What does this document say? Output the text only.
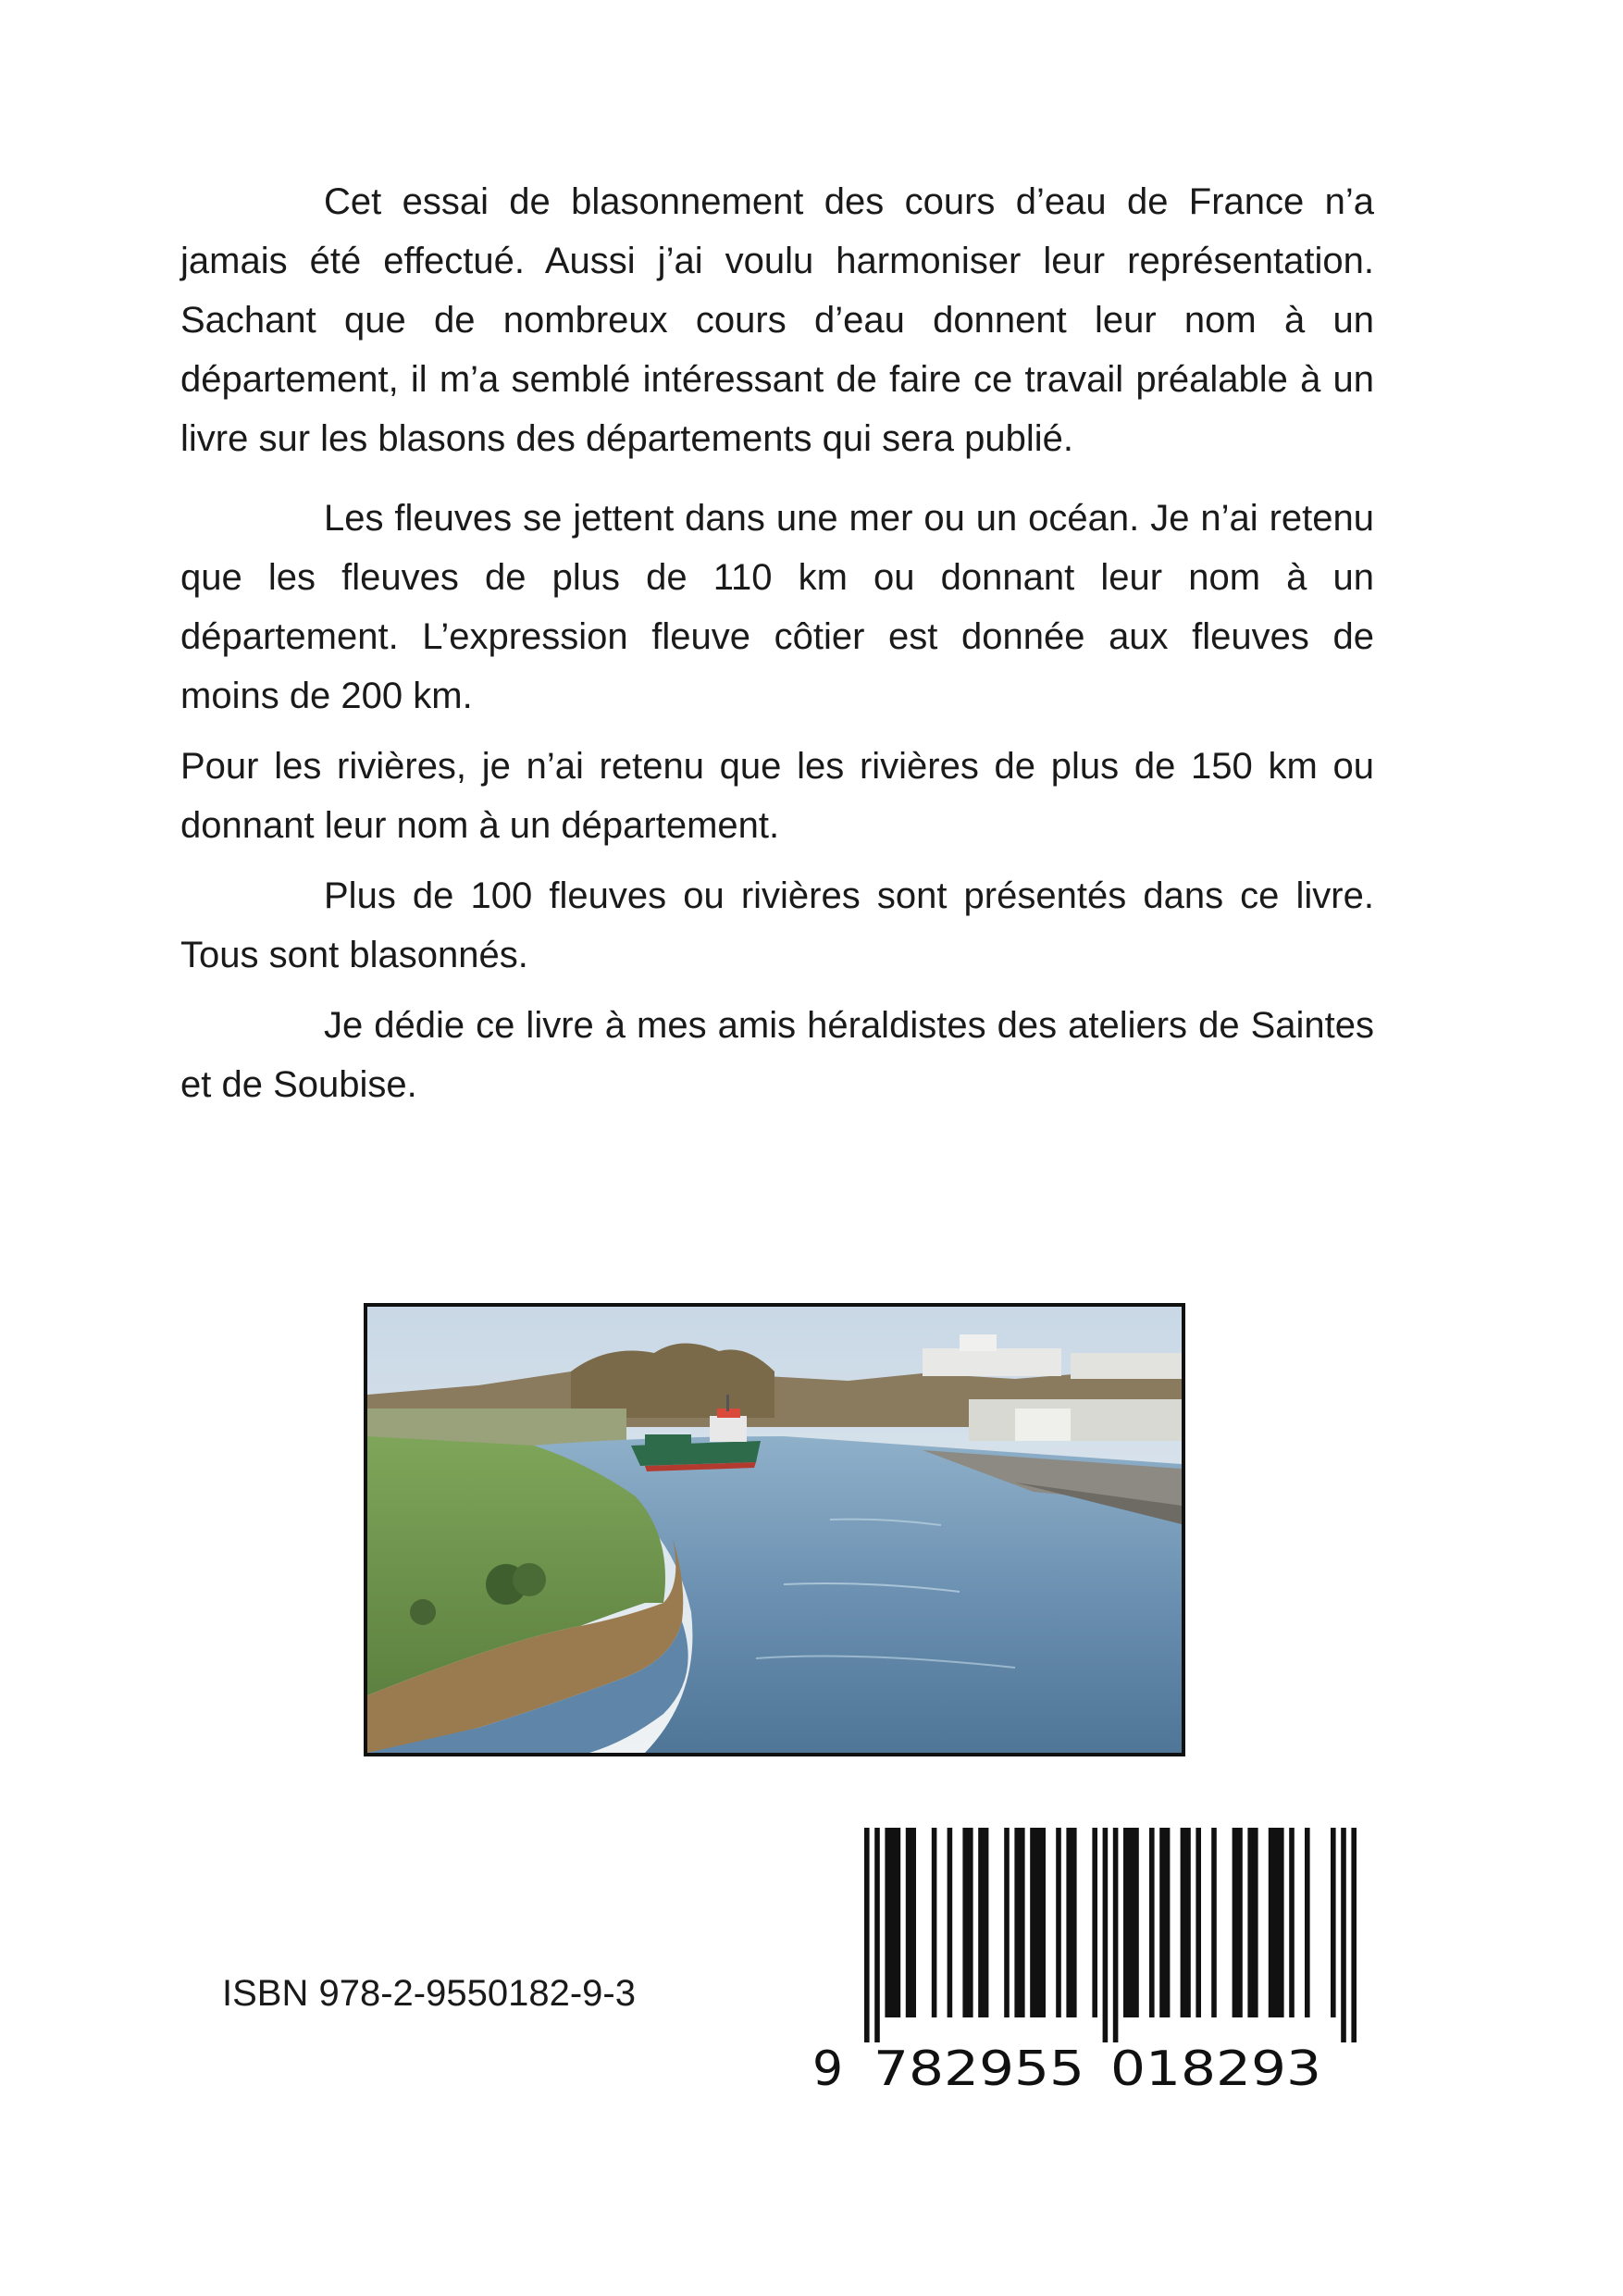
Cet essai de blasonnement des cours d’eau de France n’a jamais été effectué. Aussi j’ai voulu harmoniser leur représentation. Sachant que de nombreux cours d’eau donnent leur nom à un département, il m’a semblé intéressant de faire ce travail préalable à un livre sur les blasons des départements qui sera publié.

Les fleuves se jettent dans une mer ou un océan. Je n’ai retenu que les fleuves de plus de 110 km ou donnant leur nom à un département. L’expression fleuve côtier est donnée aux fleuves de moins de 200 km.

Pour les rivières, je n’ai retenu que les rivières de plus de 150 km ou donnant leur nom à un département.

Plus de 100 fleuves ou rivières sont présentés dans ce livre. Tous sont blasonnés.

Je dédie ce livre à mes amis héraldistes des ateliers de Saintes et de Soubise.

ISBN 978-2-9550182-9-3
9 782955 018293
